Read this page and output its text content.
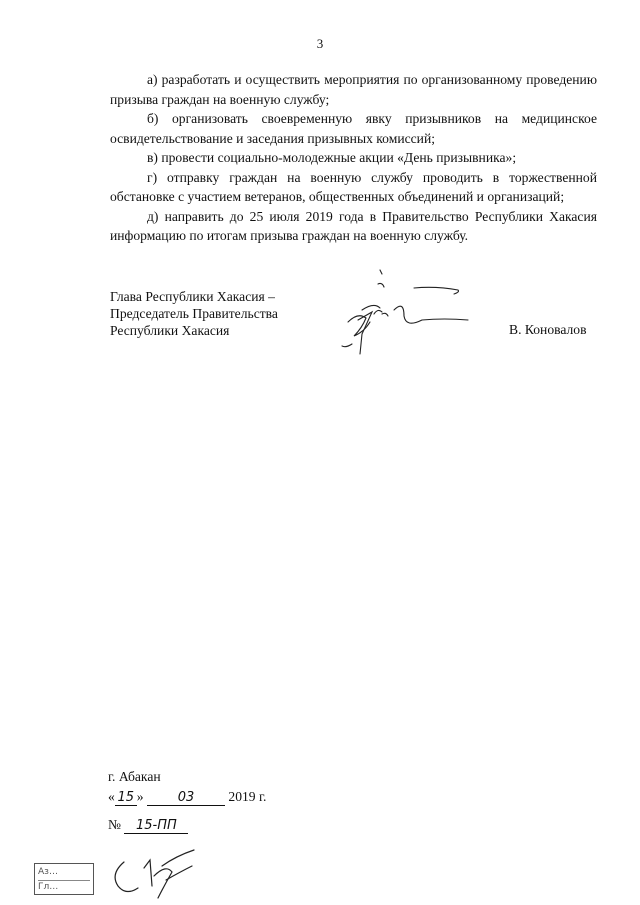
3

а) разработать и осуществить мероприятия по организованному проведению призыва граждан на военную службу;

б) организовать своевременную явку призывников на медицинское освидетельствование и заседания призывных комиссий;

в) провести социально-молодежные акции «День призывника»;

г) отправку граждан на военную службу проводить в торжественной обстановке с участием ветеранов, общественных объединений и организаций;

д) направить до 25 июля 2019 года в Правительство Республики Хакасия информацию по итогам призыва граждан на военную службу.

Глава Республики Хакасия –
Председатель Правительства
Республики Хакасия	В. Коновалов
г. Абакан
« 15 »	03	2019 г.
№ 15-ПП
Аз…
Гл…
